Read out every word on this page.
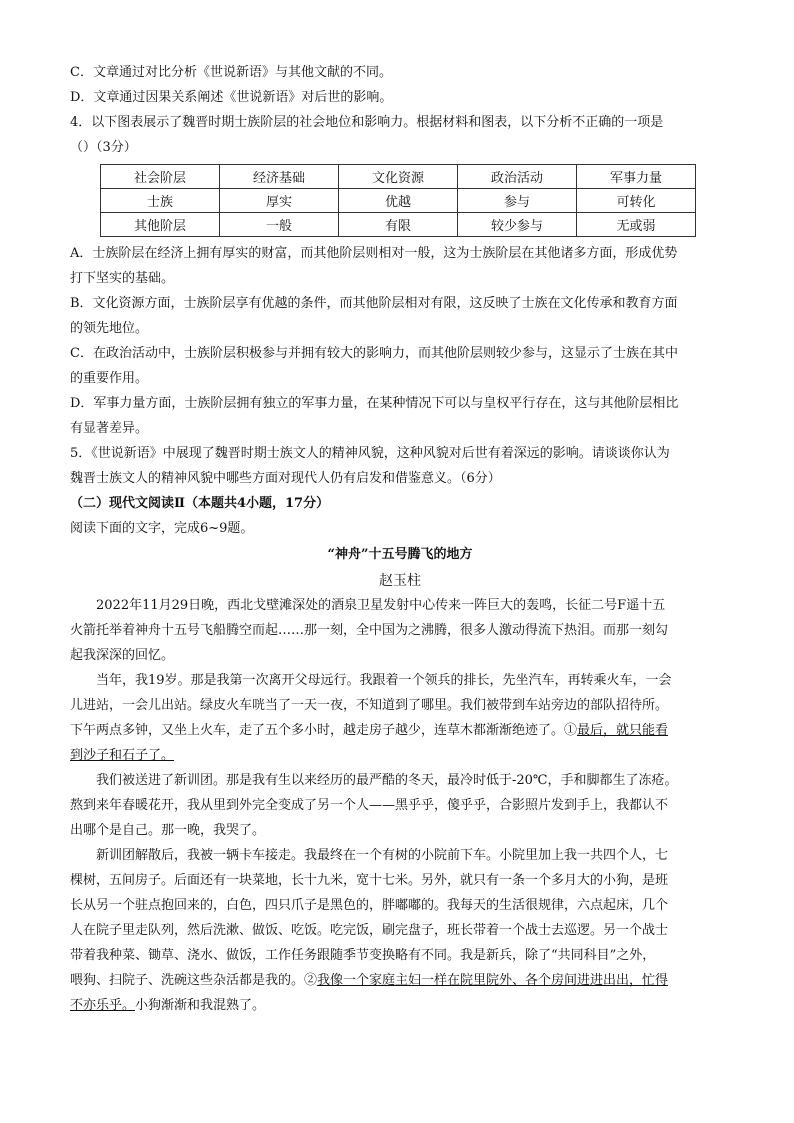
C．文章通过对比分析《世说新语》与其他文献的不同。

D．文章通过因果关系阐述《世说新语》对后世的影响。

4．以下图表展示了魏晋时期士族阶层的社会地位和影响力。根据材料和图表，以下分析不正确的一项是

（）（3分）

社会阶层	经济基础	文化资源	政治活动	军事力量
士族	厚实	优越	参与	可转化
其他阶层	一般	有限	较少参与	无或弱

A．士族阶层在经济上拥有厚实的财富，而其他阶层则相对一般，这为士族阶层在其他诸多方面，形成优势

打下坚实的基础。

B．文化资源方面，士族阶层享有优越的条件，而其他阶层相对有限，这反映了士族在文化传承和教育方面

的领先地位。

C．在政治活动中，士族阶层积极参与并拥有较大的影响力，而其他阶层则较少参与，这显示了士族在其中

的重要作用。

D．军事力量方面，士族阶层拥有独立的军事力量，在某种情况下可以与皇权平行存在，这与其他阶层相比

有显著差异。

5．《世说新语》中展现了魏晋时期士族文人的精神风貌，这种风貌对后世有着深远的影响。请谈谈你认为

魏晋士族文人的精神风貌中哪些方面对现代人仍有启发和借鉴意义。（6分）

（二）现代文阅读Ⅱ（本题共4小题，17分）

阅读下面的文字，完成6~9题。

“神舟”十五号腾飞的地方

赵玉柱

2022年11月29日晚，西北戈壁滩深处的酒泉卫星发射中心传来一阵巨大的轰鸣，长征二号F遥十五

火箭托举着神舟十五号飞船腾空而起……那一刻，全中国为之沸腾，很多人激动得流下热泪。而那一刻勾

起我深深的回忆。

当年，我19岁。那是我第一次离开父母远行。我跟着一个领兵的排长，先坐汽车，再转乘火车，一会

儿进站，一会儿出站。绿皮火车咣当了一天一夜，不知道到了哪里。我们被带到车站旁边的部队招待所。

下午两点多钟，又坐上火车，走了五个多小时，越走房子越少，连草木都渐渐绝迹了。①最后，就只能看

到沙子和石子了。

我们被送进了新训团。那是我有生以来经历的最严酷的冬天，最冷时低于-20℃，手和脚都生了冻疮。

熬到来年春暖花开，我从里到外完全变成了另一个人——黑乎乎，傻乎乎，合影照片发到手上，我都认不

出哪个是自己。那一晚，我哭了。

新训团解散后，我被一辆卡车接走。我最终在一个有树的小院前下车。小院里加上我一共四个人，七

棵树，五间房子。后面还有一块菜地，长十九米，宽十七米。另外，就只有一条一个多月大的小狗，是班

长从另一个驻点抱回来的，白色，四只爪子是黑色的，胖嘟嘟的。我每天的生活很规律，六点起床，几个

人在院子里走队列，然后洗漱、做饭、吃饭。吃完饭，刷完盘子，班长带着一个战士去巡逻。另一个战士

带着我种菜、锄草、浇水、做饭，工作任务跟随季节变换略有不同。我是新兵，除了“共同科目”之外，

喂狗、扫院子、洗碗这些杂活都是我的。②我像一个家庭主妇一样在院里院外、各个房间进进出出，忙得

不亦乐乎。小狗渐渐和我混熟了。
